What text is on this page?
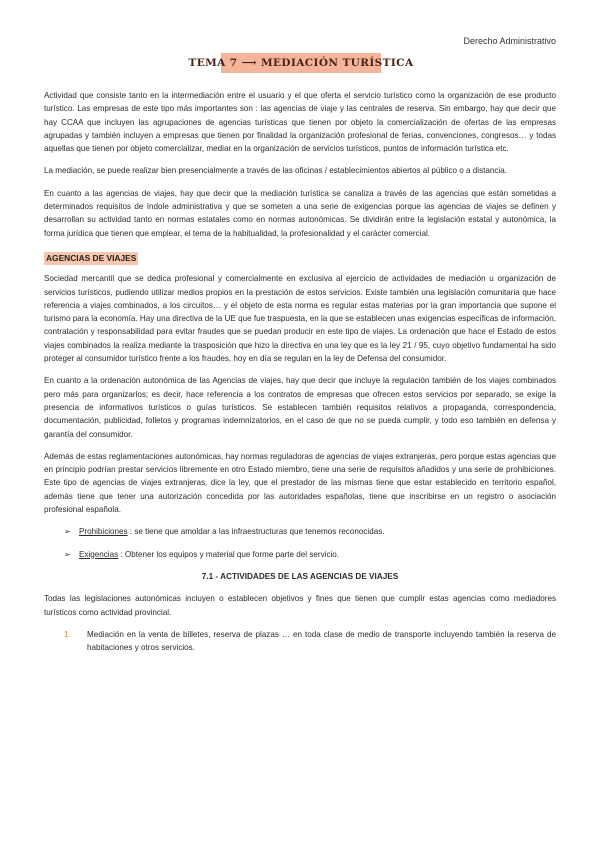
Derecho Administrativo
TEMA 7 ⟶ MEDIACIÓN TURÍSTICA

Actividad que consiste tanto en la intermediación entre el usuario y el que oferta el servicio turístico como la organización de ese producto turístico. Las empresas de este tipo más importantes son : las agencias de viaje y las centrales de reserva. Sin embargo, hay que decir que hay CCAA que incluyen las agrupaciones de agencias turísticas que tienen por objeto la comercialización de ofertas de las empresas agrupadas y también incluyen a empresas que tienen por finalidad la organización profesional de ferias, convenciones, congresos… y todas aquellas que tienen por objeto comercializar, mediar en la organización de servicios turísticos, puntos de información turística etc.

La mediación, se puede realizar bien presencialmente a través de las oficinas / establecimientos abiertos al público o a distancia.

En cuanto a las agencias de viajes, hay que decir que la mediación turística se canaliza a través de las agencias que están sometidas a determinados requisitos de índole administrativa y que se someten a una serie de exigencias porque las agencias de viajes se definen y desarrollan su actividad tanto en normas estatales como en normas autonómicas. Se dividirán entre la legislación estatal y autonómica, la forma jurídica que tienen que emplear, el tema de la habitualidad, la profesionalidad y el carácter comercial.

AGENCIAS DE VIAJES

Sociedad mercantil que se dedica profesional y comercialmente en exclusiva al ejercicio de actividades de mediación u organización de servicios turísticos, pudiendo utilizar medios propios en la prestación de estos servicios. Existe también una legislación comunitaria que hace referencia a viajes combinados, a los circuitos… y el objeto de esta norma es regular estas materias por la gran importancia que supone el turismo para la economía. Hay una directiva de la UE que fue traspuesta, en la que se establecen unas exigencias específicas de información, contratación y responsabilidad para evitar fraudes que se puedan producir en este tipo de viajes. La ordenación que hace el Estado de estos viajes combinados la realiza mediante la trasposición que hizo la directiva en una ley que es la ley 21 / 95, cuyo objetivo fundamental ha sido proteger al consumidor turístico frente a los fraudes, hoy en día se regulan en la ley de Defensa del consumidor.

En cuanto a la ordenación autonómica de las Agencias de viajes, hay que decir que incluye la regulación también de los viajes combinados pero más para organizarlos; es decir, hace referencia a los contratos de empresas que ofrecen estos servicios por separado, se exige la presencia de informativos turísticos o guías turísticos. Se establecen también requisitos relativos a propaganda, correspondencia, documentación, publicidad, folletos y programas indemnizatorios, en el caso de que no se pueda cumplir, y todo eso también en defensa y garantía del consumidor.

Además de estas reglamentaciones autonómicas, hay normas reguladoras de agencias de viajes extranjeras, pero porque estas agencias que en principio podrían prestar servicios libremente en otro Estado miembro, tiene una serie de requisitos añadidos y una serie de prohibiciones. Este tipo de agencias de viajes extranjeras, dice la ley, que el prestador de las mismas tiene que estar establecido en territorio español, además tiene que tener una autorización concedida por las autoridades españolas, tiene que inscribirse en un registro o asociación profesional española.

➢	Prohibiciones : se tiene que amoldar a las infraestructuras que tenemos reconocidas.
➢	Exigencias : Obtener los equipos y material que forme parte del servicio.
7.1 - ACTIVIDADES DE LAS AGENCIAS DE VIAJES

Todas las legislaciones autonómicas incluyen o establecen objetivos y fines que tienen que cumplir estas agencias como mediadores turísticos como actividad provincial.

1.	Mediación en la venta de billetes, reserva de plazas … en toda clase de medio de transporte incluyendo también la reserva de habitaciones y otros servicios.
